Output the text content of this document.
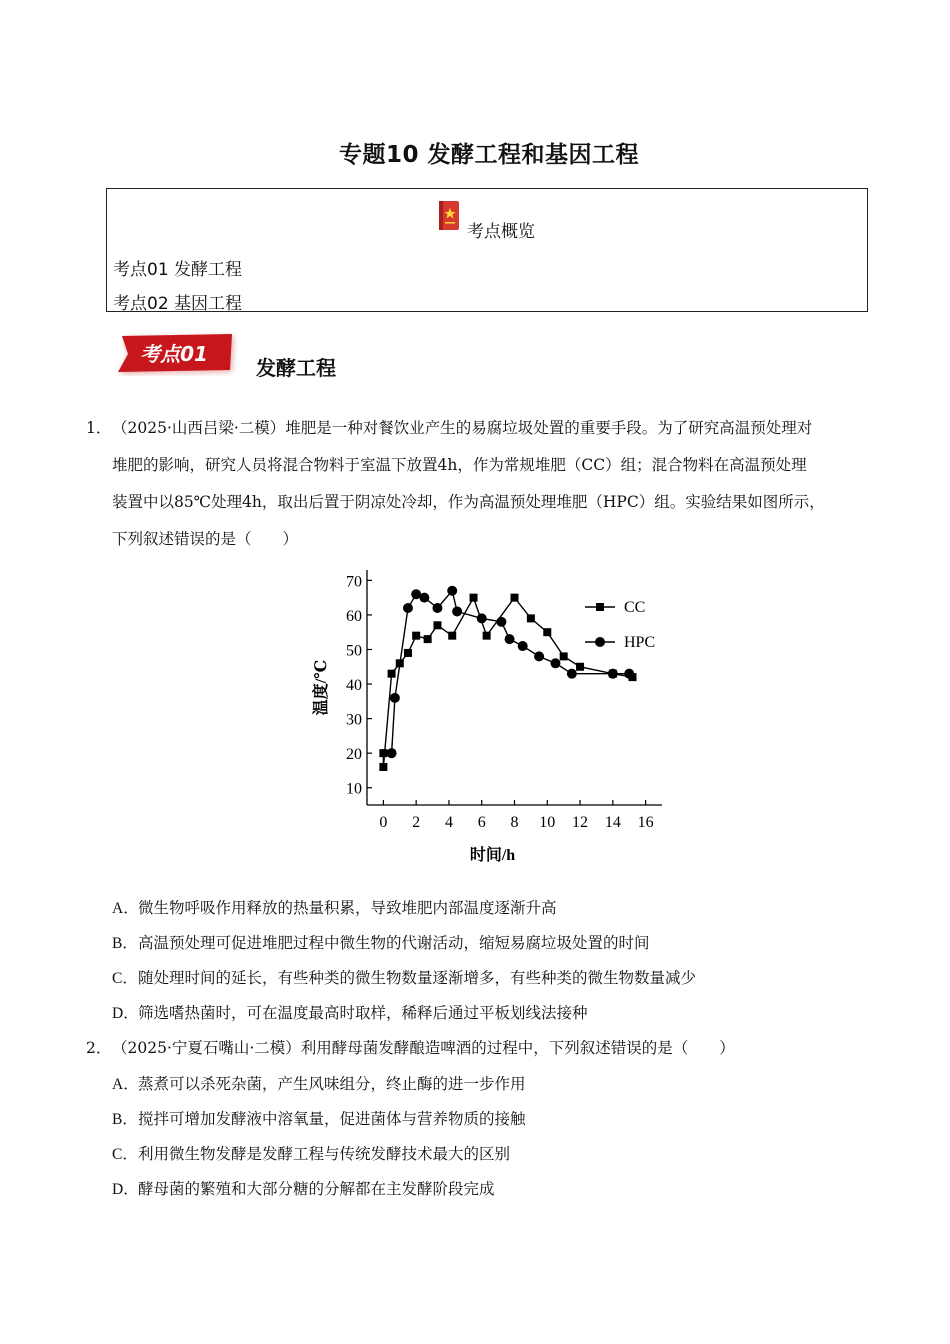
专题10 发酵工程和基因工程
考点概览
考点01 发酵工程
考点02 基因工程
考点01
发酵工程
1． （2025·山西吕梁·二模）堆肥是一种对餐饮业产生的易腐垃圾处置的重要手段。为了研究高温预处理对
堆肥的影响，研究人员将混合物料于室温下放置4h，作为常规堆肥（CC）组；混合物料在高温预处理
装置中以85℃处理4h，取出后置于阴凉处冷却，作为高温预处理堆肥（HPC）组。实验结果如图所示，
下列叙述错误的是（　　）
10
20
30
40
50
60
70
0 2 4 6 8 10 12 14 16
时间/h
温度/℃
CC
HPC
A．微生物呼吸作用释放的热量积累，导致堆肥内部温度逐渐升高
B．高温预处理可促进堆肥过程中微生物的代谢活动，缩短易腐垃圾处置的时间
C．随处理时间的延长，有些种类的微生物数量逐渐增多，有些种类的微生物数量减少
D．筛选嗜热菌时，可在温度最高时取样，稀释后通过平板划线法接种
2． （2025·宁夏石嘴山·二模）利用酵母菌发酵酿造啤酒的过程中，下列叙述错误的是（　　）
A．蒸煮可以杀死杂菌，产生风味组分，终止酶的进一步作用
B．搅拌可增加发酵液中溶氧量，促进菌体与营养物质的接触
C．利用微生物发酵是发酵工程与传统发酵技术最大的区别
D．酵母菌的繁殖和大部分糖的分解都在主发酵阶段完成
